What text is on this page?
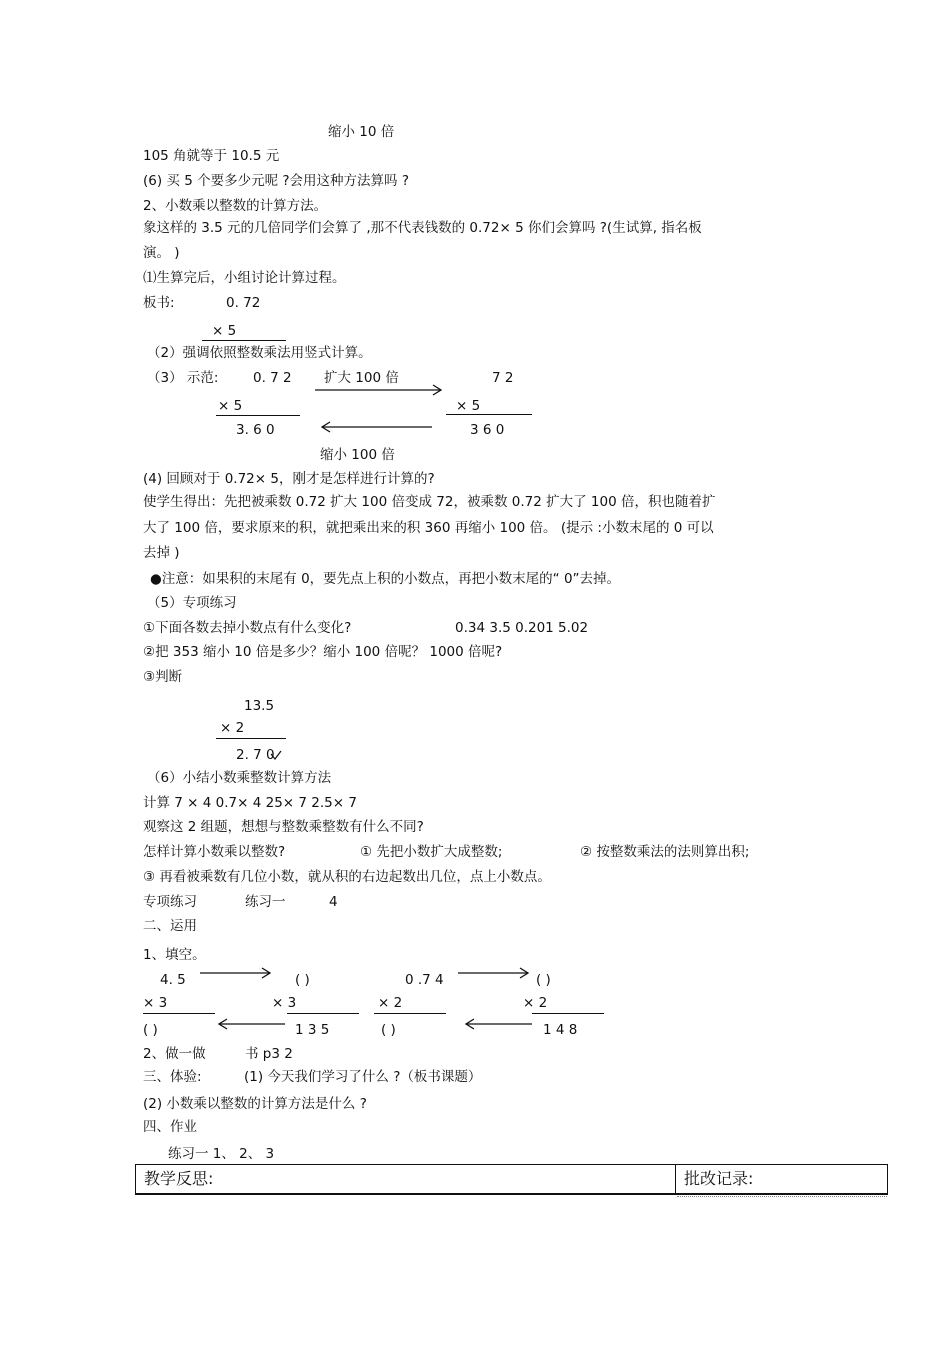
缩小 10 倍
105 角就等于 10.5 元
(6) 买 5 个要多少元呢 ?会用这种方法算吗 ?
2、小数乘以整数的计算方法。
象这样的 3.5 元的几倍同学们会算了 ,那不代表钱数的 0.72× 5 你们会算吗 ?(生试算, 指名板
演。 )
⑴生算完后，小组讨论计算过程。
板书:	0. 72
× 5
（2）强调依照整数乘法用竖式计算。
（3） 示范:	0. 7 2 扩大 100 倍	7 2
× 5	× 5
3. 6 0	3 6 0
缩小 100 倍
(4) 回顾对于 0.72× 5，刚才是怎样进行计算的?
使学生得出：先把被乘数 0.72 扩大 100 倍变成 72，被乘数 0.72 扩大了 100 倍，积也随着扩
大了 100 倍，要求原来的积，就把乘出来的积 360 再缩小 100 倍。 (提示 :小数末尾的 0 可以
去掉 )
●注意：如果积的末尾有 0，要先点上积的小数点，再把小数末尾的“ 0”去掉。
（5）专项练习
①下面各数去掉小数点有什么变化?	0.34 3.5 0.201 5.02
②把 353 缩小 10 倍是多少？缩小 100 倍呢？ 1000 倍呢?
③判断
13.5
× 2
2. 7 0
（6）小结小数乘整数计算方法
计算 7 × 4 0.7× 4 25× 7 2.5× 7
观察这 2 组题，想想与整数乘整数有什么不同?
怎样计算小数乘以整数?	① 先把小数扩大成整数;	② 按整数乘法的法则算出积;
③ 再看被乘数有几位小数，就从积的右边起数出几位，点上小数点。
专项练习	练习一	4
二、运用
1、填空。
4. 5	( )	0 .7 4	( )
× 3	× 3	× 2	× 2
( )	1 3 5	( )	1 4 8
2、做一做	书 p3 2
三、体验:	(1) 今天我们学习了什么 ?（板书课题）
(2) 小数乘以整数的计算方法是什么 ?
四、作业
练习一 1、 2、 3
教学反思:	批改记录:
